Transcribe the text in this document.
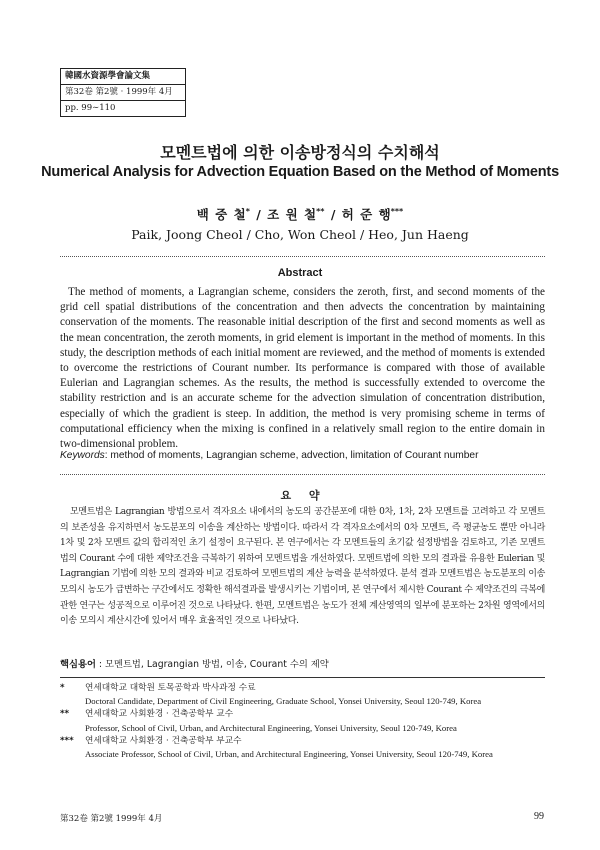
韓國水資源學會論文集
第32卷 第2號 · 1999年 4月
pp. 99∼110
모멘트법에 의한 이송방정식의 수치해석
Numerical Analysis for Advection Equation Based on the Method of Moments
백 중 철* / 조 원 철** / 허 준 행***
Paik, Joong Cheol / Cho, Won Cheol / Heo, Jun Haeng
Abstract

The method of moments, a Lagrangian scheme, considers the zeroth, first, and second moments of the grid cell spatial distributions of the concentration and then advects the concentration by maintaining conservation of the moments. The reasonable initial description of the first and second moments as well as the mean concentration, the zeroth moments, in grid element is important in the method of moments. In this study, the description methods of each initial moment are reviewed, and the method of moments is extended to overcome the restrictions of Courant number. Its performance is compared with those of available Eulerian and Lagrangian schemes. As the results, the method is successfully extended to overcome the stability restriction and is an accurate scheme for the advection simulation of concentration distribution, especially of which the gradient is steep. In addition, the method is very promising scheme in terms of computational efficiency when the mixing is confined in a relatively small region to the entire domain in two-dimensional problem.

Keywords: method of moments, Lagrangian scheme, advection, limitation of Courant number
요 약

모멘트법은 Lagrangian 방법으로서 격자요소 내에서의 농도의 공간분포에 대한 0차, 1차, 2차 모멘트를 고려하고 각 모멘트의 보존성을 유지하면서 농도분포의 이송을 계산하는 방법이다. 따라서 각 격자요소에서의 0차 모멘트, 즉 평균농도 뿐만 아니라 1차 및 2차 모멘트 값의 합리적인 초기 설정이 요구된다. 본 연구에서는 각 모멘트들의 초기값 설정방법을 검토하고, 기존 모멘트법의 Courant 수에 대한 제약조건을 극복하기 위하여 모멘트법을 개선하였다. 모멘트법에 의한 모의 결과를 유용한 Eulerian 및 Lagrangian 기법에 의한 모의 결과와 비교 검토하여 모멘트법의 계산 능력을 분석하였다. 분석 결과 모멘트법은 농도분포의 이송 모의시 농도가 급변하는 구간에서도 정확한 해석결과를 발생시키는 기법이며, 본 연구에서 제시한 Courant 수 제약조건의 극복에 관한 연구는 성공적으로 이루어진 것으로 나타났다. 한편, 모멘트법은 농도가 전체 계산영역의 일부에 분포하는 2차원 영역에서의 이송 모의시 계산시간에 있어서 매우 효율적인 것으로 나타났다.

핵심용어 : 모멘트법, Lagrangian 방법, 이송, Courant 수의 제약
* 연세대학교 대학원 토목공학과 박사과정 수료
Doctoral Candidate, Department of Civil Engineering, Graduate School, Yonsei University, Seoul 120-749, Korea
** 연세대학교 사회환경 · 건축공학부 교수
Professor, School of Civil, Urban, and Architectural Engineering, Yonsei University, Seoul 120-749, Korea
*** 연세대학교 사회환경 · 건축공학부 부교수
Associate Professor, School of Civil, Urban, and Architectural Engineering, Yonsei University, Seoul 120-749, Korea
第32卷 第2號 1999年 4月	99
